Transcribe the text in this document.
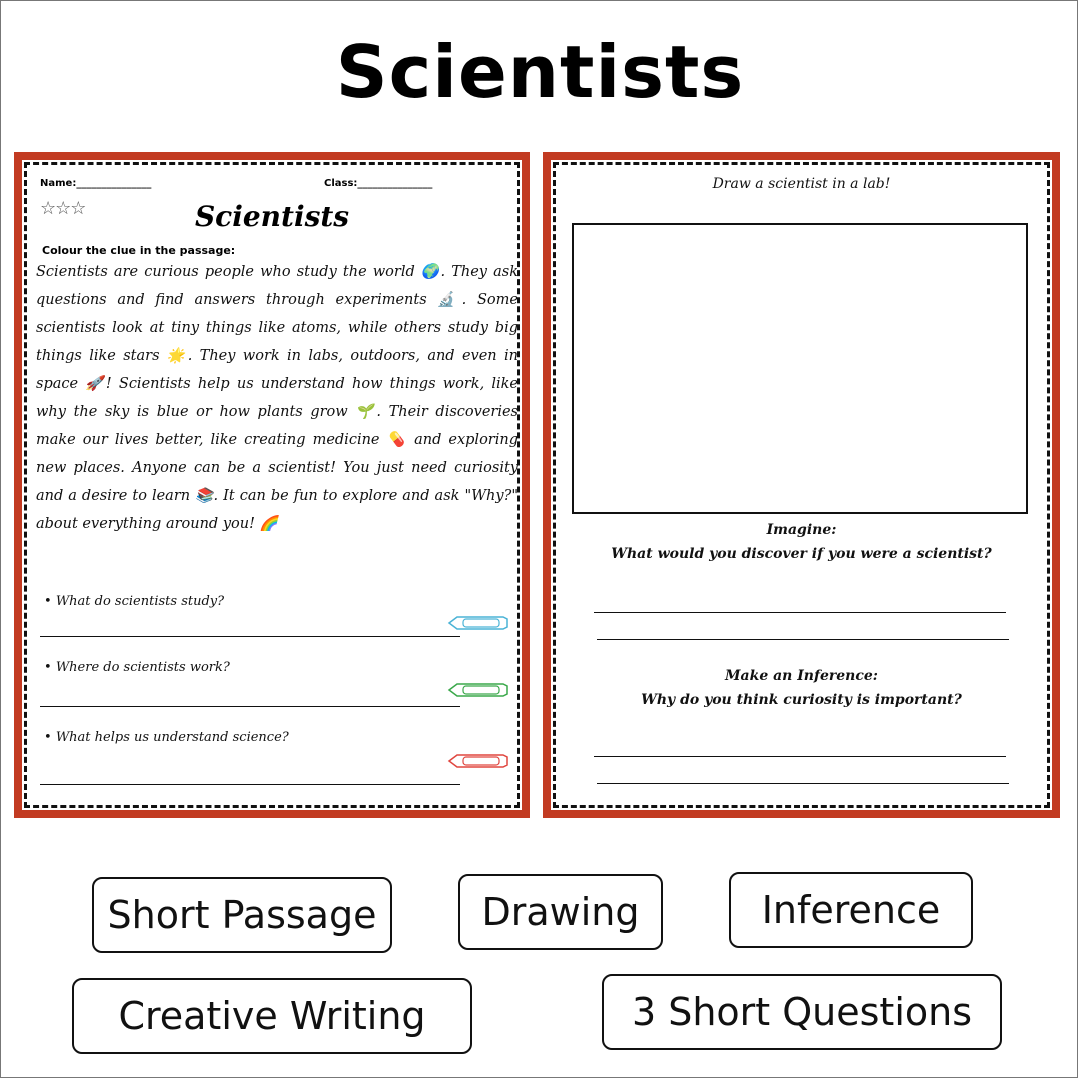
Scientists
Name:_______________	Class:_______________
☆☆☆	Scientists
Colour the clue in the passage:
Scientists are curious people who study the world 🌍. They ask questions and find answers through experiments 🔬. Some scientists look at tiny things like atoms, while others study big things like stars 🌟. They work in labs, outdoors, and even in space 🚀! Scientists help us understand how things work, like why the sky is blue or how plants grow 🌱. Their discoveries make our lives better, like creating medicine 💊 and exploring new places. Anyone can be a scientist! You just need curiosity and a desire to learn 📚. It can be fun to explore and ask "Why?" about everything around you! 🌈
• What do scientists study?
• Where do scientists work?
• What helps us understand science?
Draw a scientist in a lab!
Imagine:
What would you discover if you were a scientist?
Make an Inference:
Why do you think curiosity is important?
Short Passage	Drawing	Inference
Creative Writing	3 Short Questions
